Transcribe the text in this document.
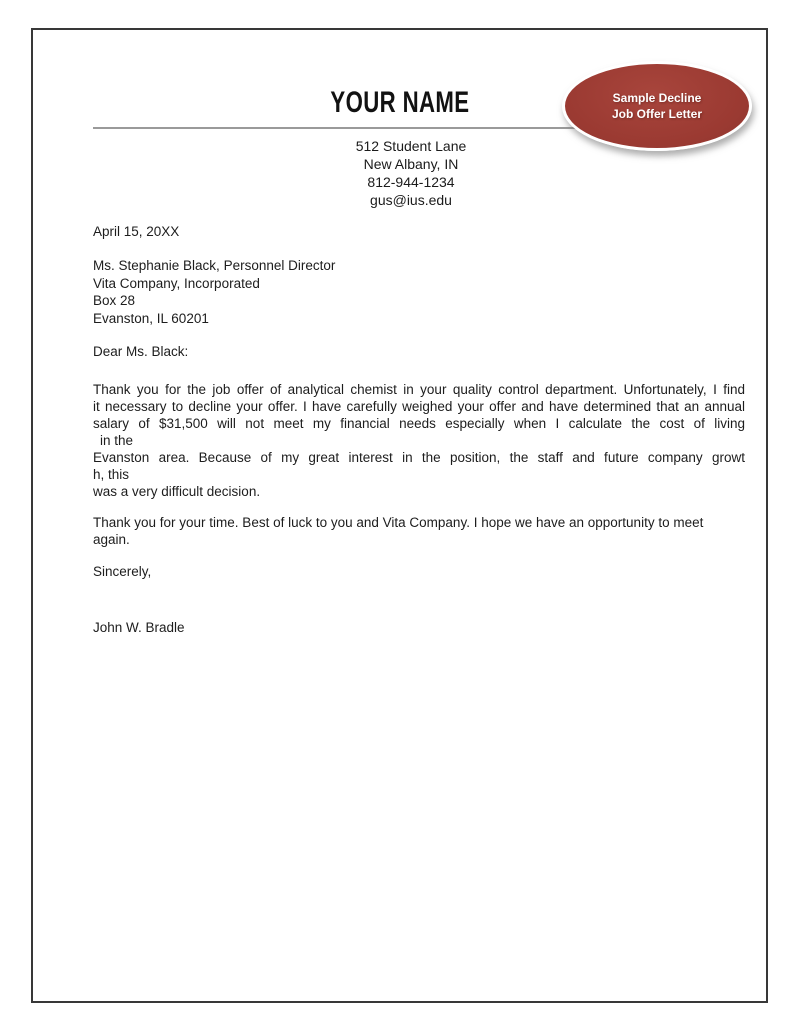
YOUR NAME
512 Student Lane
New Albany, IN
812-944-1234
gus@ius.edu
Sample Decline
Job Offer Letter
April 15, 20XX
Ms. Stephanie Black, Personnel Director
Vita Company, Incorporated
Box 28
Evanston, IL 60201
Dear Ms. Black:
Thank you for the job offer of analytical chemist in your quality control department. Unfortunately, I find
it necessary to decline your offer. I have carefully weighed your offer and have determined that an annual
salary of $31,500 will not meet my financial needs especially when I calculate the cost of living
in the
Evanston area. Because of my great interest in the position, the staff and future company growt
h, this
was a very difficult decision.
Thank you for your time. Best of luck to you and Vita Company. I hope we have an opportunity to meet
again.
Sincerely,
John W. Bradle
